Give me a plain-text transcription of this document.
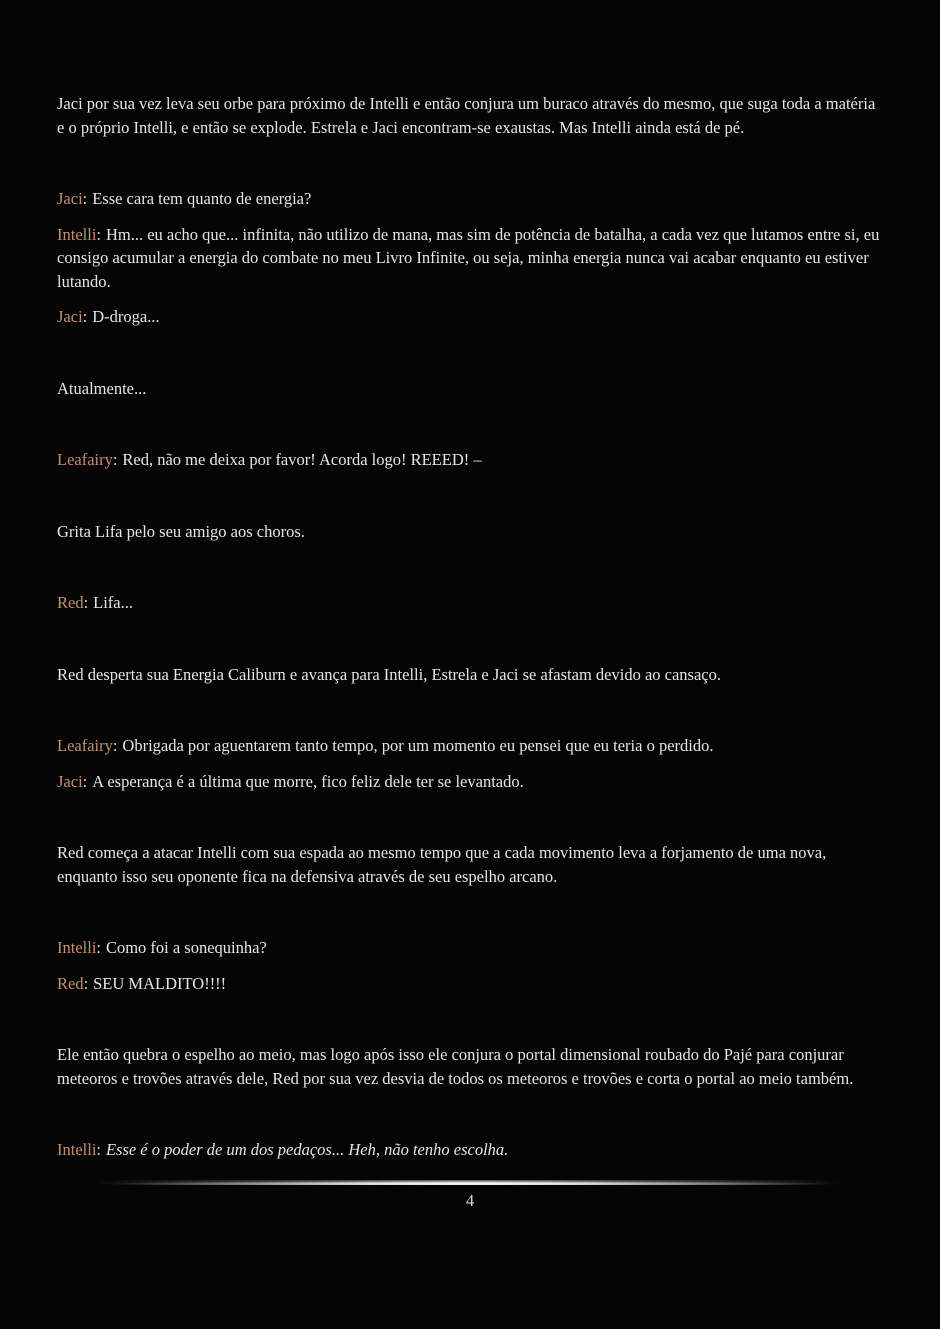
Jaci por sua vez leva seu orbe para próximo de Intelli e então conjura um buraco através do mesmo, que suga toda a matéria e o próprio Intelli, e então se explode. Estrela e Jaci encontram-se exaustas. Mas Intelli ainda está de pé.

Jaci: Esse cara tem quanto de energia?

Intelli: Hm... eu acho que... infinita, não utilizo de mana, mas sim de potência de batalha, a cada vez que lutamos entre si, eu consigo acumular a energia do combate no meu Livro Infinite, ou seja, minha energia nunca vai acabar enquanto eu estiver lutando.

Jaci: D-droga...

Atualmente...

Leafairy: Red, não me deixa por favor! Acorda logo! REEED! –

Grita Lifa pelo seu amigo aos choros.

Red: Lifa...

Red desperta sua Energia Caliburn e avança para Intelli, Estrela e Jaci se afastam devido ao cansaço.

Leafairy: Obrigada por aguentarem tanto tempo, por um momento eu pensei que eu teria o perdido.

Jaci: A esperança é a última que morre, fico feliz dele ter se levantado.

Red começa a atacar Intelli com sua espada ao mesmo tempo que a cada movimento leva a forjamento de uma nova, enquanto isso seu oponente fica na defensiva através de seu espelho arcano.

Intelli: Como foi a sonequinha?

Red: SEU MALDITO!!!!

Ele então quebra o espelho ao meio, mas logo após isso ele conjura o portal dimensional roubado do Pajé para conjurar meteoros e trovões através dele, Red por sua vez desvia de todos os meteoros e trovões e corta o portal ao meio também.

Intelli: Esse é o poder de um dos pedaços... Heh, não tenho escolha.

4
